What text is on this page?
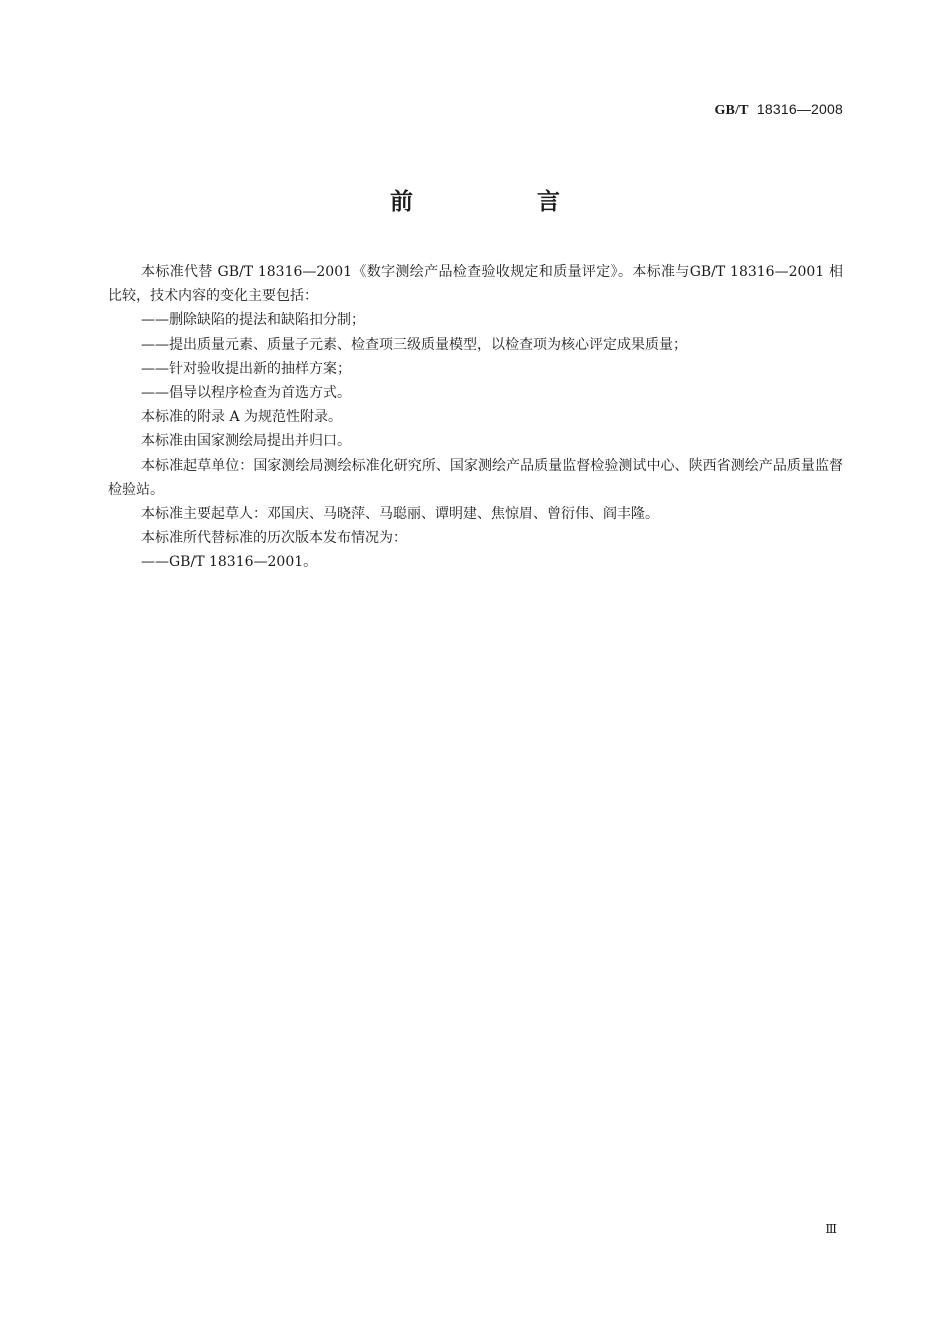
GB/T 18316—2008
前 言

本标准代替 GB/T 18316—2001《数字测绘产品检查验收规定和质量评定》。本标准与GB/T 18316—2001 相比较，技术内容的变化主要包括：

——删除缺陷的提法和缺陷扣分制；

——提出质量元素、质量子元素、检查项三级质量模型，以检查项为核心评定成果质量；

——针对验收提出新的抽样方案；

——倡导以程序检查为首选方式。

本标准的附录 A 为规范性附录。

本标准由国家测绘局提出并归口。

本标准起草单位：国家测绘局测绘标准化研究所、国家测绘产品质量监督检验测试中心、陕西省测绘产品质量监督检验站。

本标准主要起草人：邓国庆、马晓萍、马聪丽、谭明建、焦惊眉、曾衍伟、阎丰隆。

本标准所代替标准的历次版本发布情况为：

——GB/T 18316—2001。

Ⅲ
